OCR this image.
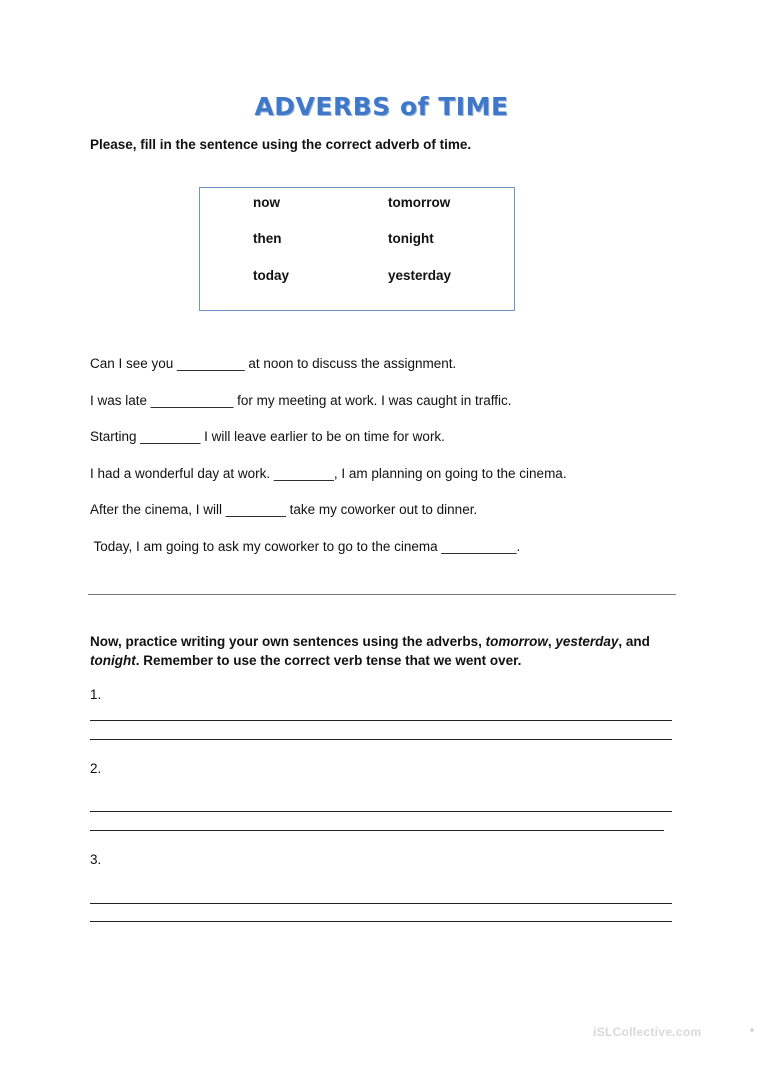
ADVERBS of TIME
Please, fill in the sentence using the correct adverb of time.
now
then
today
tomorrow
tonight
yesterday
Can I see you _________ at noon to discuss the assignment.
I was late ___________ for my meeting at work. I was caught in traffic.
Starting ________ I will leave earlier to be on time for work.
I had a wonderful day at work. ________, I am planning on going to the cinema.
After the cinema, I will ________ take my coworker out to dinner.
Today, I am going to ask my coworker to go to the cinema __________.
Now, practice writing your own sentences using the adverbs, tomorrow, yesterday, and tonight. Remember to use the correct verb tense that we went over.
1.
2.
3.
iSLCollective.com
